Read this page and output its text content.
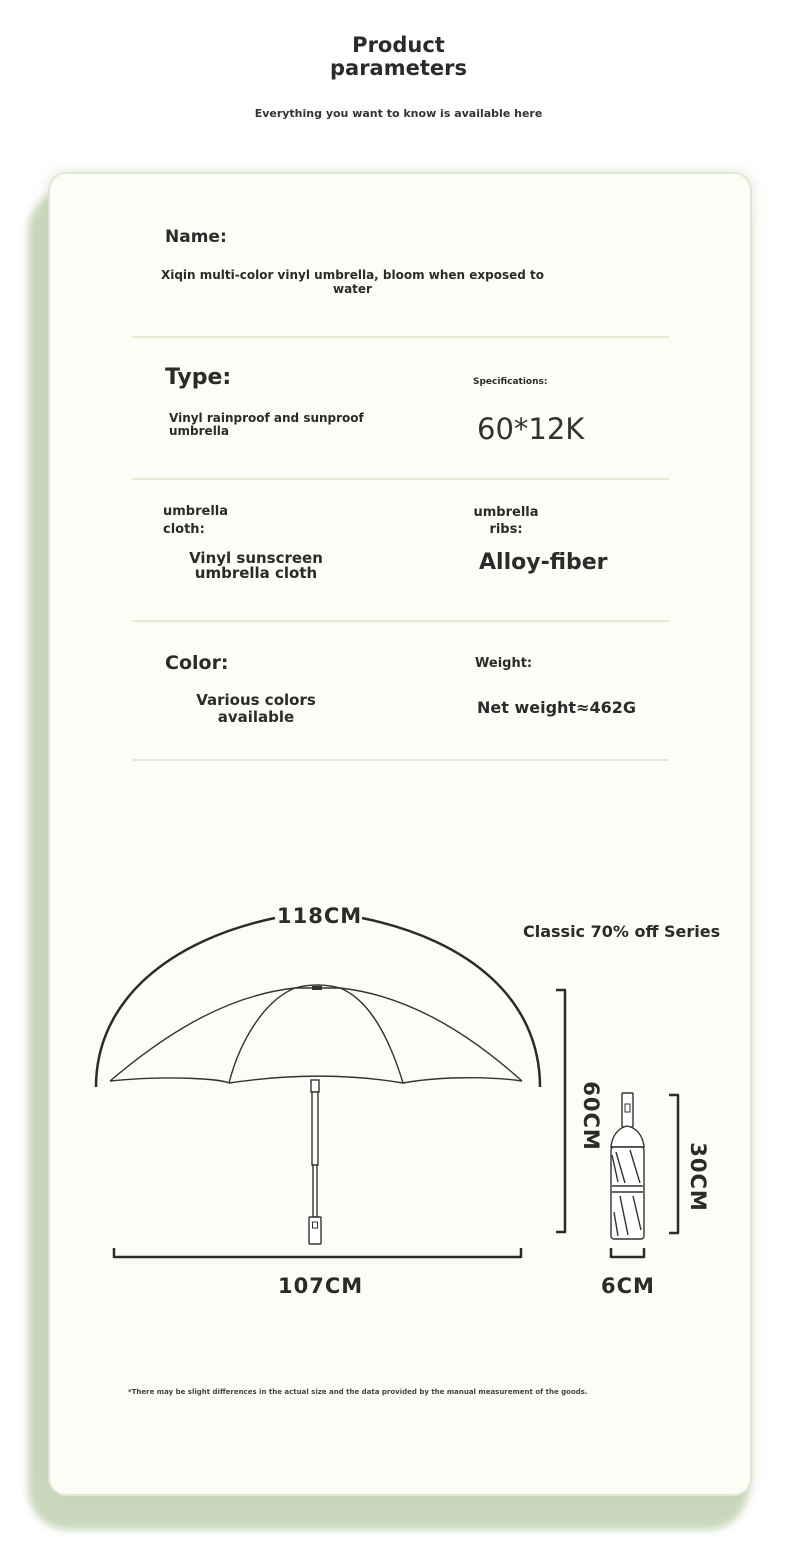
Product
parameters
Everything you want to know is available here
Name:
Xiqin multi-color vinyl umbrella, bloom when exposed to
water
Type:
Vinyl rainproof and sunproof
umbrella
Specifications:
60*12K
umbrella
cloth:
Vinyl sunscreen
umbrella cloth
umbrella
ribs:
Alloy-fiber
Color:
Various colors
available
Weight:
Net weight≈462G
Classic 70% off Series
118CM
107CM
60CM
30CM
6CM
*There may be slight differences in the actual size and the data provided by the manual measurement of the goods.
